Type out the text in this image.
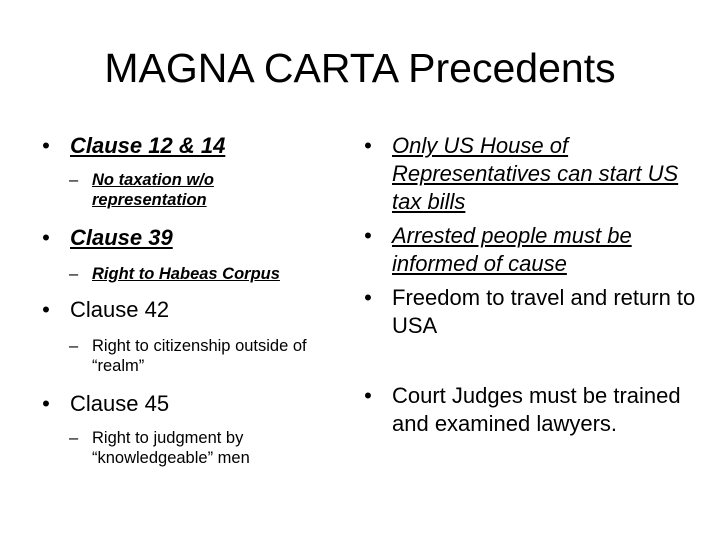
MAGNA CARTA Precedents
• Clause 12 & 14
– No taxation w/o representation
• Clause 39
– Right to Habeas Corpus
• Clause 42
– Right to citizenship outside of “realm”
• Clause 45
– Right to judgment by “knowledgeable” men
• Only US House of Representatives can start US tax bills
• Arrested people must be informed of cause
• Freedom to travel and return to USA
• Court Judges must be trained and examined lawyers.
